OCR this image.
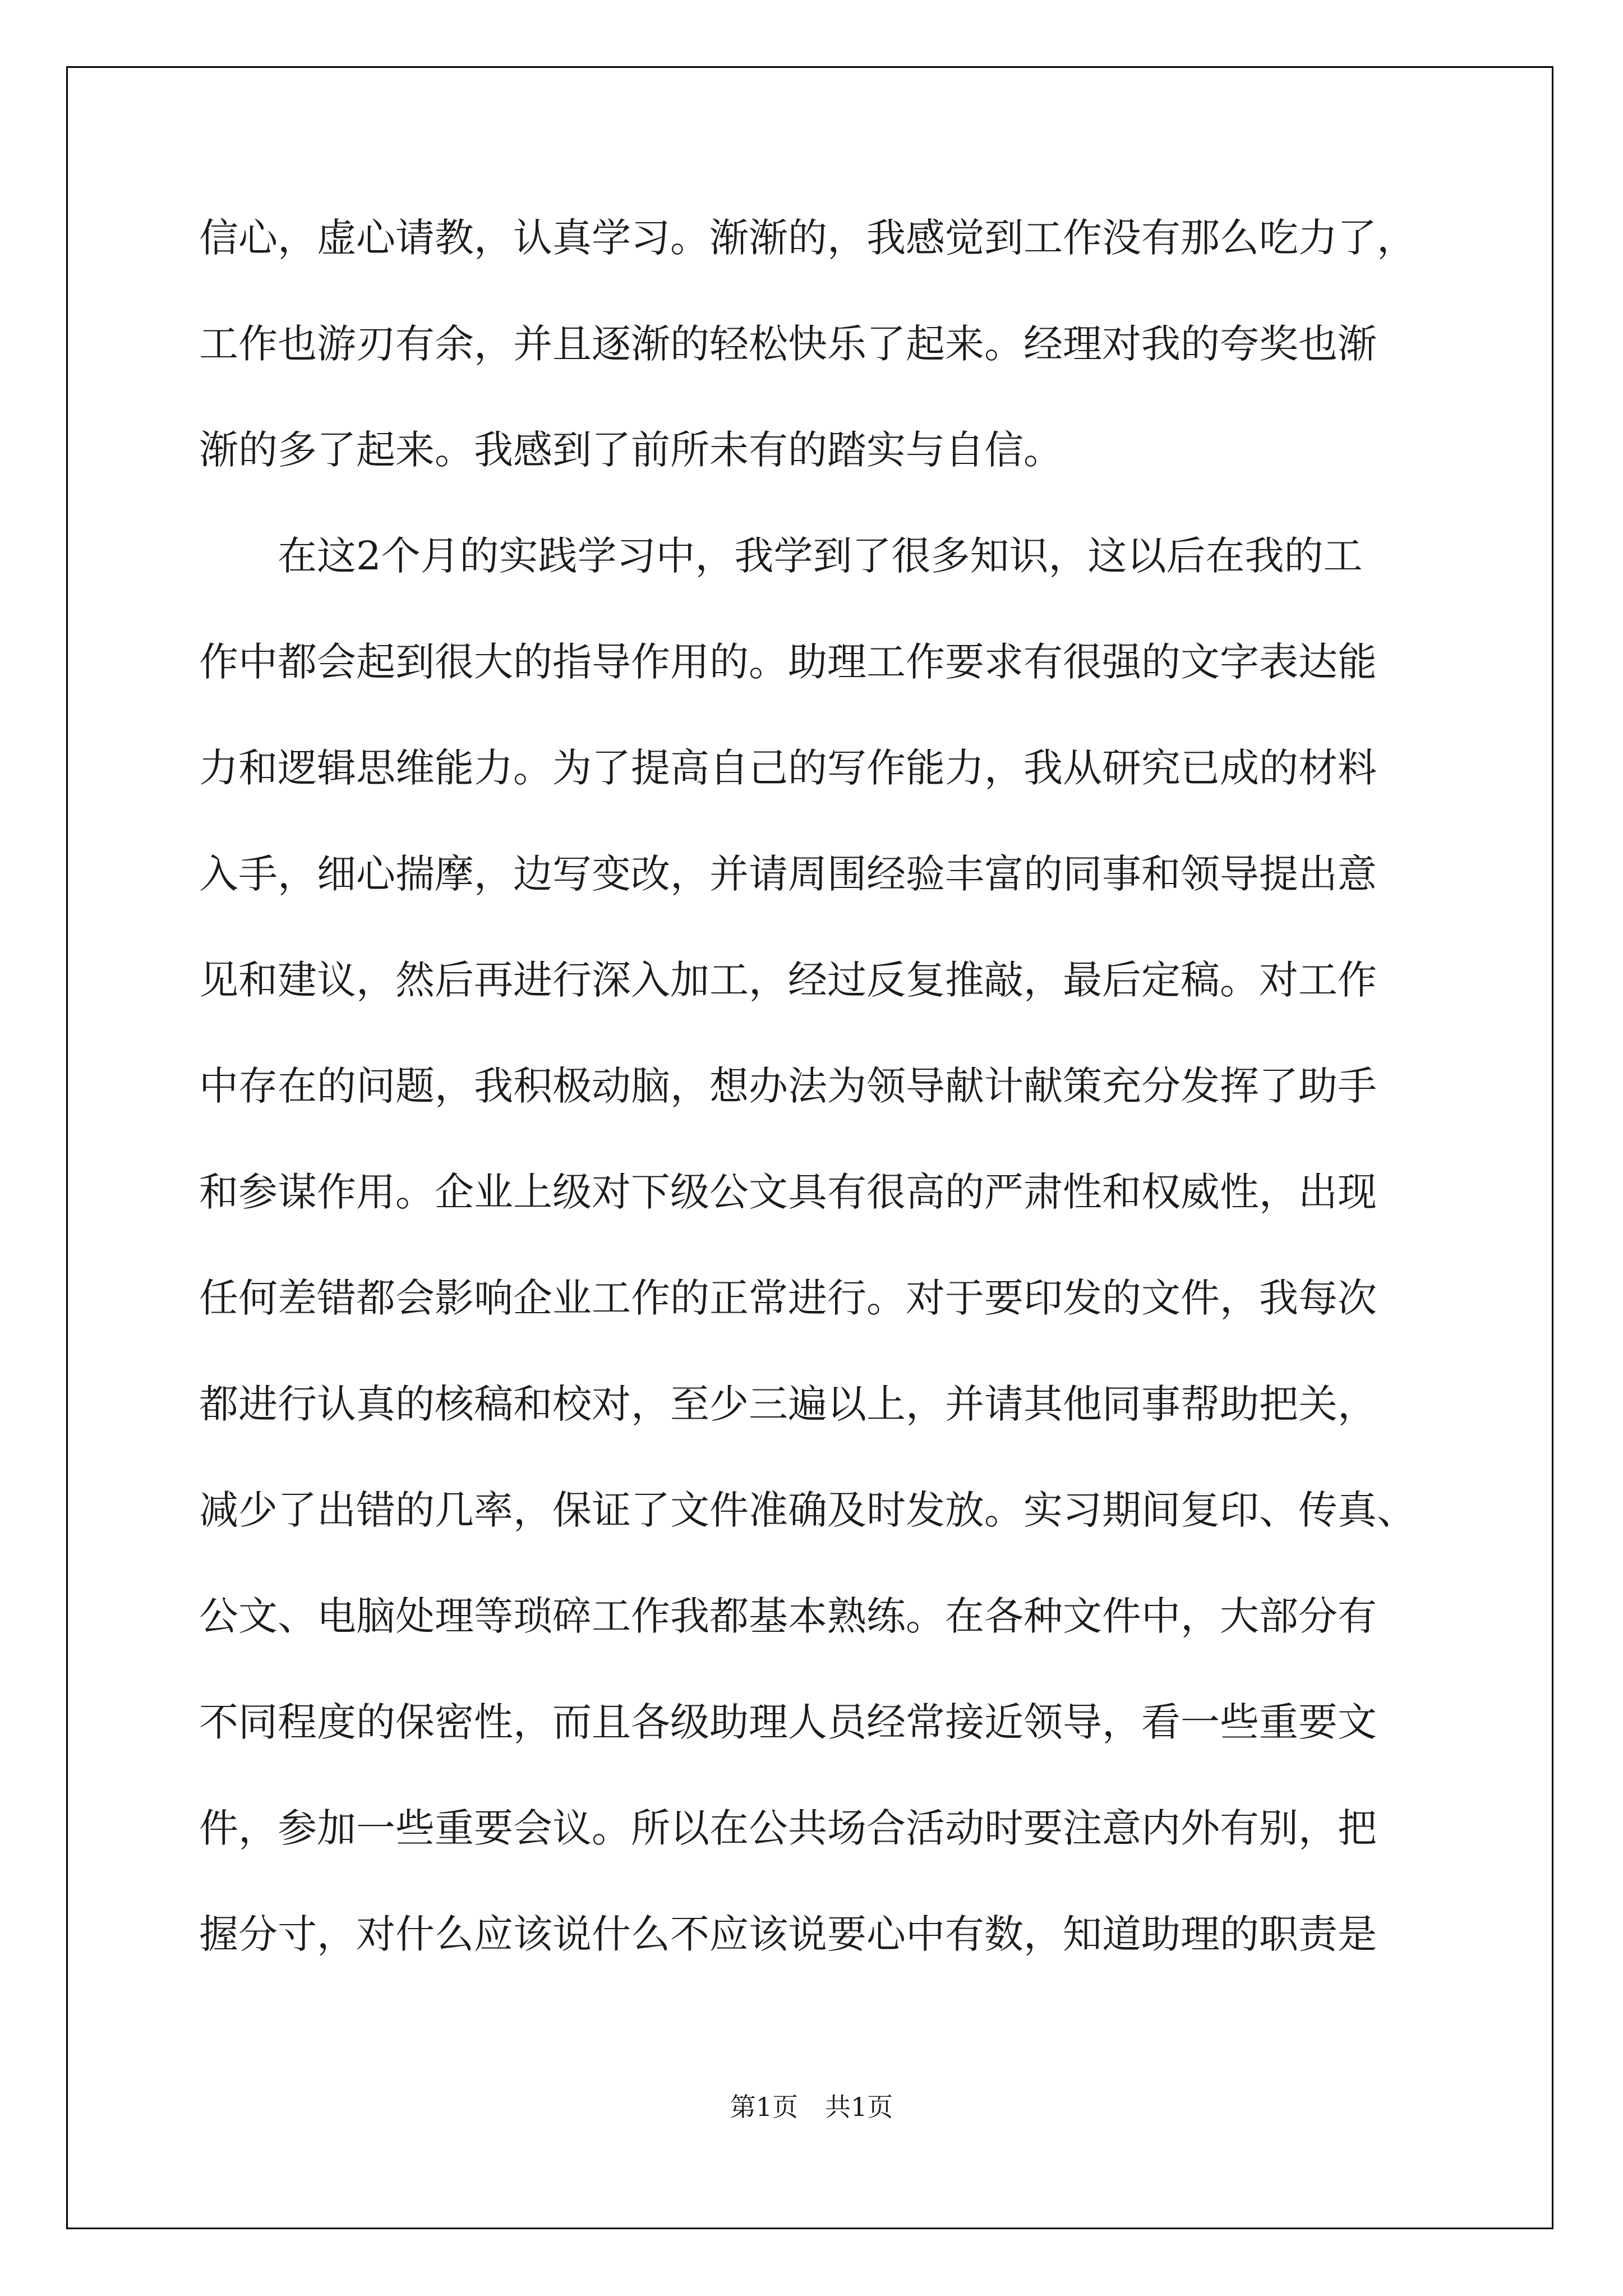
信心，虚心请教，认真学习。渐渐的，我感觉到工作没有那么吃力了，
工作也游刃有余，并且逐渐的轻松快乐了起来。经理对我的夸奖也渐
渐的多了起来。我感到了前所未有的踏实与自信。
在这2个月的实践学习中，我学到了很多知识，这以后在我的工
作中都会起到很大的指导作用的。助理工作要求有很强的文字表达能
力和逻辑思维能力。为了提高自己的写作能力，我从研究已成的材料
入手，细心揣摩，边写变改，并请周围经验丰富的同事和领导提出意
见和建议，然后再进行深入加工，经过反复推敲，最后定稿。对工作
中存在的问题，我积极动脑，想办法为领导献计献策充分发挥了助手
和参谋作用。企业上级对下级公文具有很高的严肃性和权威性，出现
任何差错都会影响企业工作的正常进行。对于要印发的文件，我每次
都进行认真的核稿和校对，至少三遍以上，并请其他同事帮助把关，
减少了出错的几率，保证了文件准确及时发放。实习期间复印、传真、
公文、电脑处理等琐碎工作我都基本熟练。在各种文件中，大部分有
不同程度的保密性，而且各级助理人员经常接近领导，看一些重要文
件，参加一些重要会议。所以在公共场合活动时要注意内外有别，把
握分寸，对什么应该说什么不应该说要心中有数，知道助理的职责是
第1页 共1页
